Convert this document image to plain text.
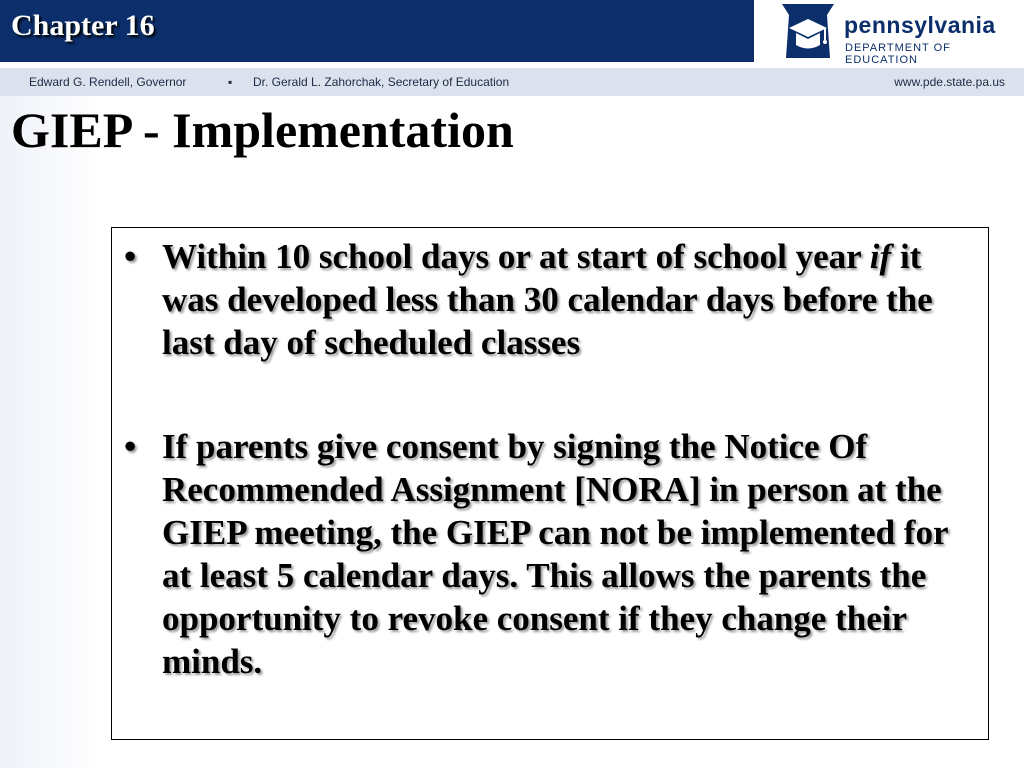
Chapter 16	pennsylvania
DEPARTMENT OF EDUCATION
Edward G. Rendell, Governor	▪ Dr. Gerald L. Zahorchak, Secretary of Education	www.pde.state.pa.us
GIEP - Implementation
• Within 10 school days or at start of school year if it was developed less than 30 calendar days before the last day of scheduled classes
• If parents give consent by signing the Notice Of Recommended Assignment [NORA] in person at the GIEP meeting, the GIEP can not be implemented for at least 5 calendar days. This allows the parents the opportunity to revoke consent if they change their minds.
